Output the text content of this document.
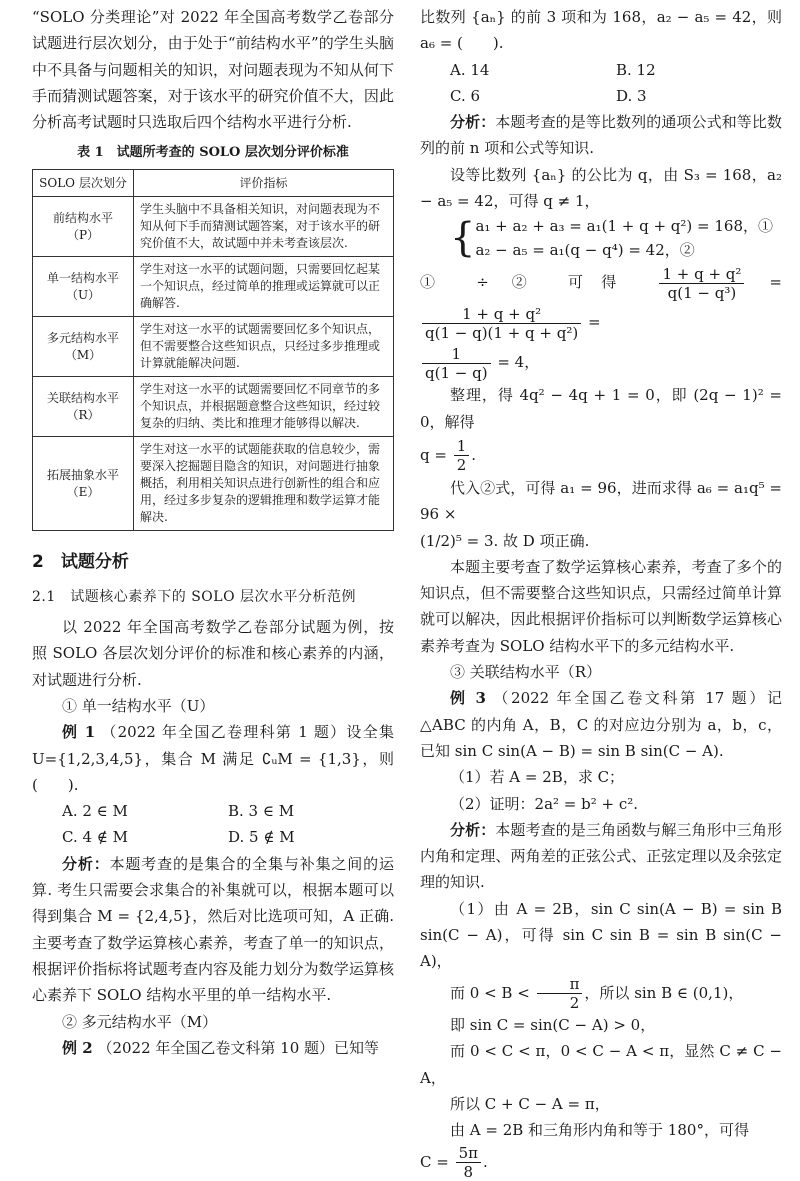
“SOLO 分类理论”对 2022 年全国高考数学乙卷部分试题进行层次划分，由于处于“前结构水平”的学生头脑中不具备与问题相关的知识，对问题表现为不知从何下手而猜测试题答案，对于该水平的研究价值不大，因此分析高考试题时只选取后四个结构水平进行分析.

表 1　试题所考查的 SOLO 层次划分评价标准
SOLO 层次划分	评价指标
前结构水平
（P）	学生头脑中不具备相关知识，对问题表现为不知从何下手而猜测试题答案，对于该水平的研究价值不大，故试题中并未考查该层次.
单一结构水平
（U）	学生对这一水平的试题问题，只需要回忆起某一个知识点，经过简单的推理或运算就可以正确解答.
多元结构水平
（M）	学生对这一水平的试题需要回忆多个知识点，但不需要整合这些知识点，只经过多步推理或计算就能解决问题.
关联结构水平
（R）	学生对这一水平的试题需要回忆不同章节的多个知识点，并根据题意整合这些知识，经过较复杂的归纳、类比和推理才能够得以解决.
拓展抽象水平
（E）	学生对这一水平的试题能获取的信息较少，需要深入挖掘题目隐含的知识，对问题进行抽象概括，利用相关知识点进行创新性的组合和应用，经过多步复杂的逻辑推理和数学运算才能解决.
2　试题分析
2.1　试题核心素养下的 SOLO 层次水平分析范例

以 2022 年全国高考数学乙卷部分试题为例，按照 SOLO 各层次划分评价的标准和核心素养的内涵，对试题进行分析.

① 单一结构水平（U）

例 1 （2022 年全国乙卷理科第 1 题）设全集 U={1,2,3,4,5}，集合 M 满足 ∁ᵤM = {1,3}，则(　　).

A. 2 ∈ M	B. 3 ∈ M
C. 4 ∉ M	D. 5 ∉ M

分析：本题考查的是集合的全集与补集之间的运算. 考生只需要会求集合的补集就可以，根据本题可以得到集合 M = {2,4,5}，然后对比选项可知，A 正确. 主要考查了数学运算核心素养，考查了单一的知识点，根据评价指标将试题考查内容及能力划分为数学运算核心素养下 SOLO 结构水平里的单一结构水平.

② 多元结构水平（M）

例 2 （2022 年全国乙卷文科第 10 题）已知等

比数列 {aₙ} 的前 3 项和为 168，a₂ − a₅ = 42，则 a₆ = (　　).

A. 14	B. 12
C. 6	D. 3

分析：本题考查的是等比数列的通项公式和等比数列的前 n 项和公式等知识.

设等比数列 {aₙ} 的公比为 q，由 S₃ = 168，a₂ − a₅ = 42，可得 q ≠ 1，

{ a₁ + a₂ + a₃ = a₁(1 + q + q²) = 168，①
a₂ − a₅ = a₁(q − q⁴) = 42，②

① ÷ ② 可得 $\frac{\text{1 + q + q²}}{\text{q(1 − q³)}}$ =
$\frac{\text{1 + q + q²}}{\text{q(1 − q)(1 + q + q²)}}$ =

$\frac{1}{q(1 - q)} = 4$，

整理，得 4q² − 4q + 1 = 0，即 (2q − 1)² = 0，解得

$q = \frac{1}{2}$ .

代入②式，可得 a₁ = 96，进而求得 a₆ = a₁q⁵ = 96 ×

(1/2)⁵ = 3. 故 D 项正确.

本题主要考查了数学运算核心素养，考查了多个的知识点，但不需要整合这些知识点，只需经过简单计算就可以解决，因此根据评价指标可以判断数学运算核心素养考查为 SOLO 结构水平下的多元结构水平.

③ 关联结构水平（R）

例 3 （2022 年全国乙卷文科第 17 题）记 △ABC 的内角 A，B，C 的对应边分别为 a，b，c，已知 sin C sin(A − B) = sin B sin(C − A).

（1）若 A = 2B，求 C；

（2）证明：2a² = b² + c².

分析：本题考查的是三角函数与解三角形中三角形内角和定理、两角差的正弦公式、正弦定理以及余弦定理的知识.

（1）由 A = 2B，sin C sin(A − B) = sin B sin(C − A)，可得 sin C sin B = sin B sin(C − A)，

而 $0 < B < \frac{\pi}{2}$ ，所以 sin B ∈ (0,1)，

即 sin C = sin(C − A) > 0，

而 0 < C < π，0 < C − A < π，显然 C ≠ C − A，

所以 C + C − A = π，

由 A = 2B 和三角形内角和等于 180°，可得

$C = \frac{5\pi}{8}$ .
